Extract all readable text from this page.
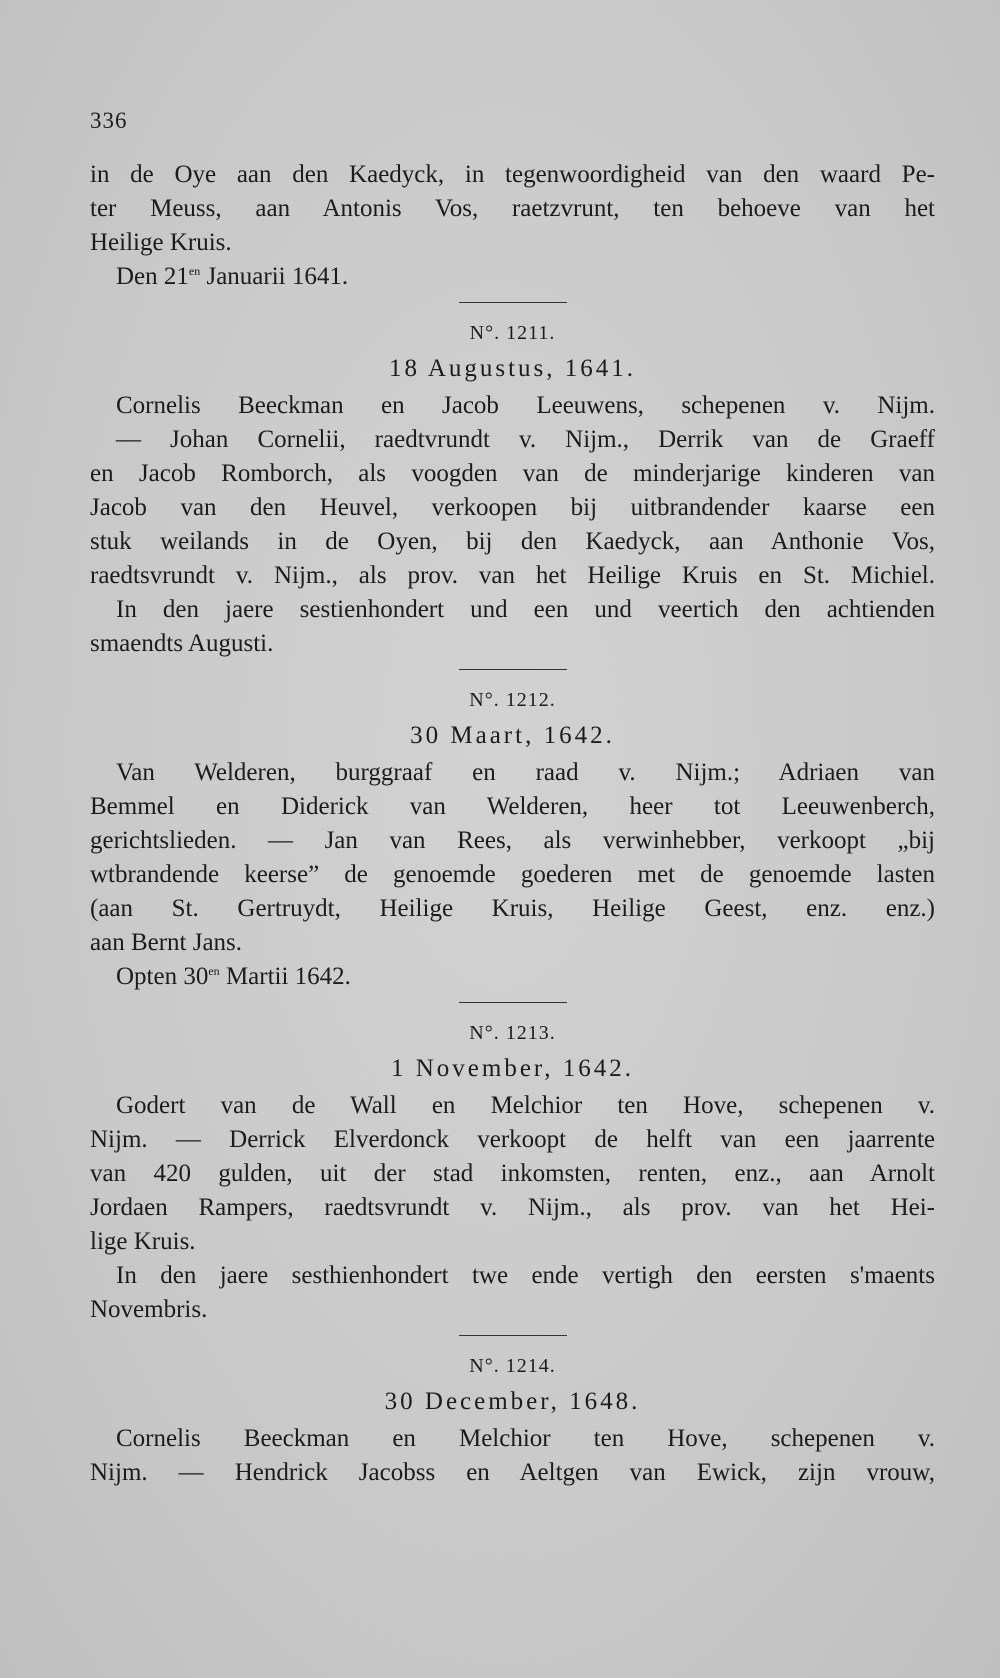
336

in de Oye aan den Kaedyck, in tegenwoordigheid van den waard Pe-

ter Meuss, aan Antonis Vos, raetzvrunt, ten behoeve van het

Heilige Kruis.

Den $21^{en}$ Januarii 1641.

N°. 1211.
18 Augustus, 1641.

Cornelis Beeckman en Jacob Leeuwens, schepenen v. Nijm.

— Johan Cornelii, raedtvrundt v. Nijm., Derrik van de Graeff

en Jacob Romborch, als voogden van de minderjarige kinderen van

Jacob van den Heuvel, verkoopen bij uitbrandender kaarse een

stuk weilands in de Oyen, bij den Kaedyck, aan Anthonie Vos,

raedtsvrundt v. Nijm., als prov. van het Heilige Kruis en St. Michiel.

In den jaere sestienhondert und een und veertich den achtienden

smaendts Augusti.

N°. 1212.
30 Maart, 1642.

Van Welderen, burggraaf en raad v. Nijm.; Adriaen van

Bemmel en Diderick van Welderen, heer tot Leeuwenberch,

gerichtslieden. — Jan van Rees, als verwinhebber, verkoopt „bij

wtbrandende keerse” de genoemde goederen met de genoemde lasten

(aan St. Gertruydt, Heilige Kruis, Heilige Geest, enz. enz.)

aan Bernt Jans.

Opten $30^{en}$ Martii 1642.

N°. 1213.
1 November, 1642.

Godert van de Wall en Melchior ten Hove, schepenen v.

Nijm. — Derrick Elverdonck verkoopt de helft van een jaarrente

van 420 gulden, uit der stad inkomsten, renten, enz., aan Arnolt

Jordaen Rampers, raedtsvrundt v. Nijm., als prov. van het Hei-

lige Kruis.

In den jaere sesthienhondert twe ende vertigh den eersten s'maents

Novembris.

N°. 1214.
30 December, 1648.

Cornelis Beeckman en Melchior ten Hove, schepenen v.

Nijm. — Hendrick Jacobss en Aeltgen van Ewick, zijn vrouw,
